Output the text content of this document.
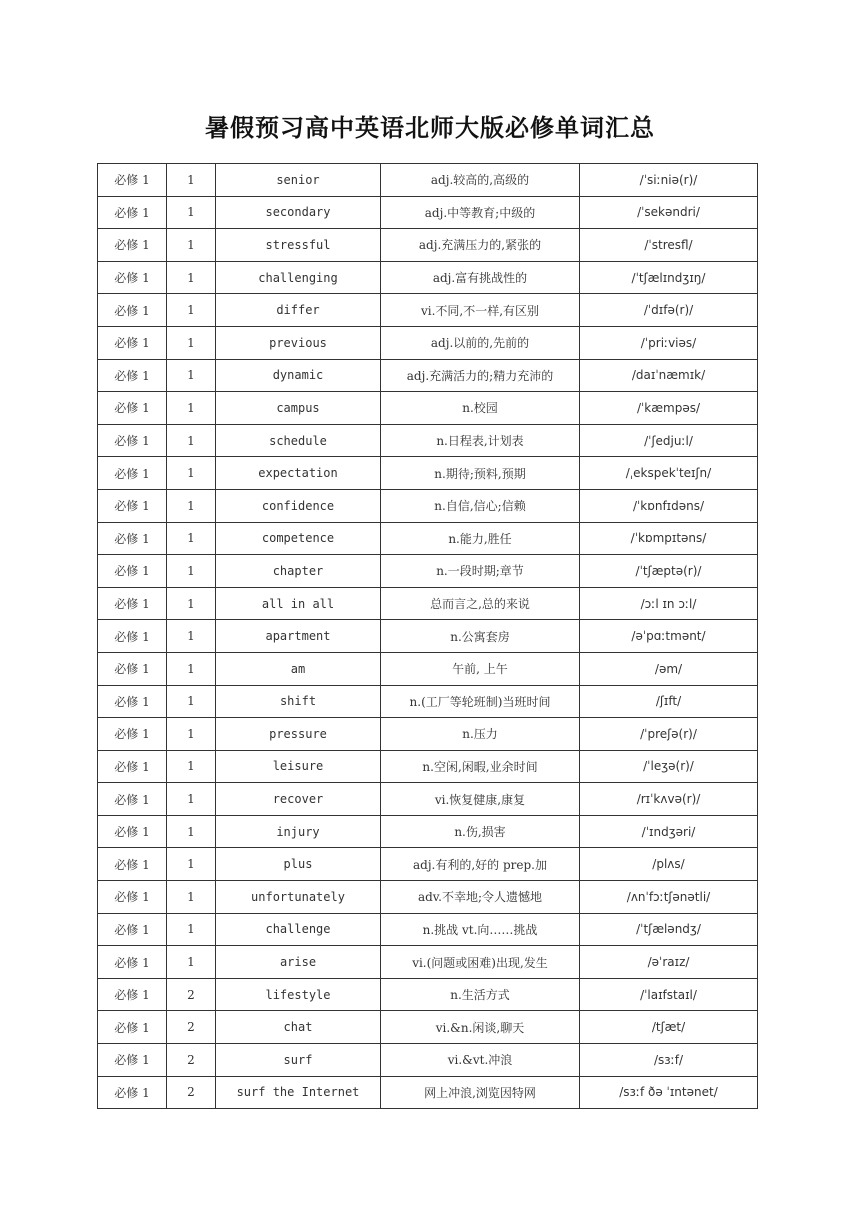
暑假预习高中英语北师大版必修单词汇总
必修 1	1	senior	adj.较高的,高级的	/ˈsiːniə(r)/
必修 1	1	secondary	adj.中等教育;中级的	/ˈsekəndri/
必修 1	1	stressful	adj.充满压力的,紧张的	/ˈstresfl/
必修 1	1	challenging	adj.富有挑战性的	/ˈtʃælɪndʒɪŋ/
必修 1	1	differ	vi.不同,不一样,有区别	/ˈdɪfə(r)/
必修 1	1	previous	adj.以前的,先前的	/ˈpriːviəs/
必修 1	1	dynamic	adj.充满活力的;精力充沛的	/daɪˈnæmɪk/
必修 1	1	campus	n.校园	/ˈkæmpəs/
必修 1	1	schedule	n.日程表,计划表	/ˈʃedjuːl/
必修 1	1	expectation	n.期待;预料,预期	/ˌekspekˈteɪʃn/
必修 1	1	confidence	n.自信,信心;信赖	/ˈkɒnfɪdəns/
必修 1	1	competence	n.能力,胜任	/ˈkɒmpɪtəns/
必修 1	1	chapter	n.一段时期;章节	/ˈtʃæptə(r)/
必修 1	1	all in all	总而言之,总的来说	/ɔːl ɪn ɔːl/
必修 1	1	apartment	n.公寓套房	/əˈpɑːtmənt/
必修 1	1	am	午前, 上午	/əm/
必修 1	1	shift	n.(工厂等轮班制)当班时间	/ʃɪft/
必修 1	1	pressure	n.压力	/ˈpreʃə(r)/
必修 1	1	leisure	n.空闲,闲暇,业余时间	/ˈleʒə(r)/
必修 1	1	recover	vi.恢复健康,康复	/rɪˈkʌvə(r)/
必修 1	1	injury	n.伤,损害	/ˈɪndʒəri/
必修 1	1	plus	adj.有利的,好的 prep.加	/plʌs/
必修 1	1	unfortunately	adv.不幸地;令人遗憾地	/ʌnˈfɔːtʃənətli/
必修 1	1	challenge	n.挑战 vt.向……挑战	/ˈtʃæləndʒ/
必修 1	1	arise	vi.(问题或困难)出现,发生	/əˈraɪz/
必修 1	2	lifestyle	n.生活方式	/ˈlaɪfstaɪl/
必修 1	2	chat	vi.&n.闲谈,聊天	/tʃæt/
必修 1	2	surf	vi.&vt.冲浪	/sɜːf/
必修 1	2	surf the Internet	网上冲浪,浏览因特网	/sɜːf ðə ˈɪntənet/
